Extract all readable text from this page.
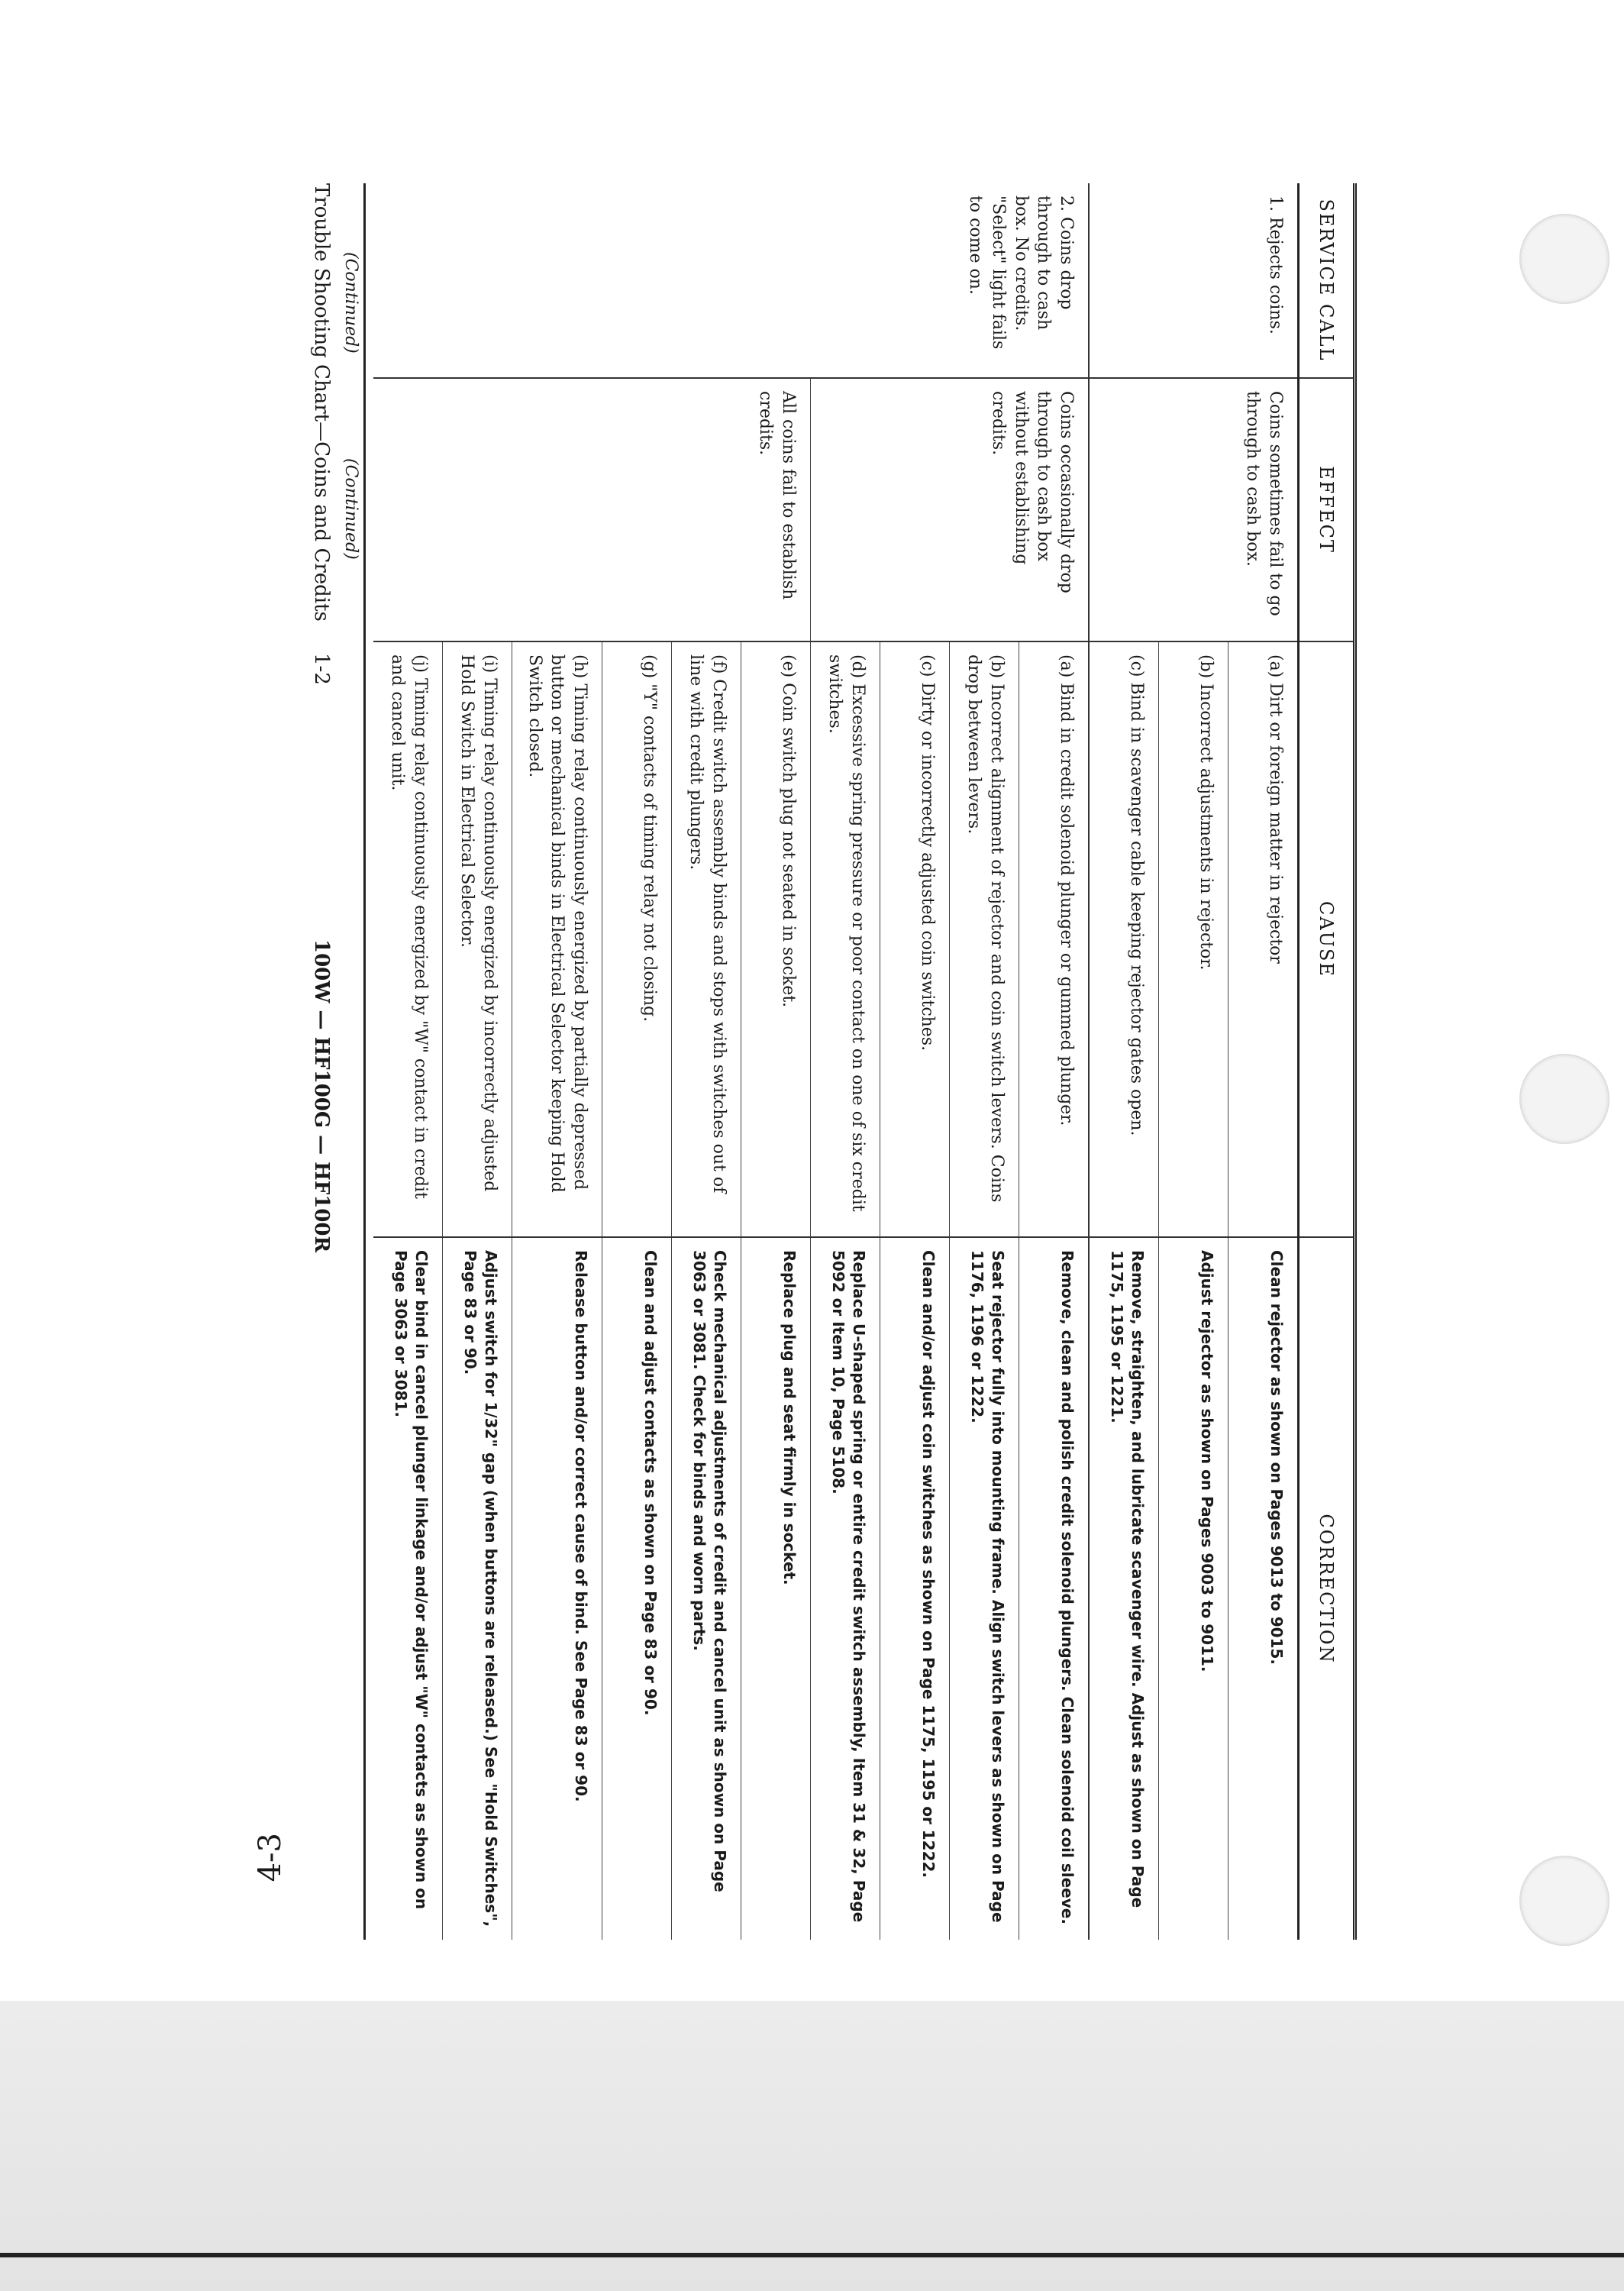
4-3
SERVICE CALL	EFFECT	CAUSE	CORRECTION
1. Rejects coins.	Coins sometimes fail to go through to cash box.	(a) Dirt or foreign matter in rejector	Clean rejector as shown on Pages 9013 to 9015.
		(b) Incorrect adjustments in rejector.	Adjust rejector as shown on Pages 9003 to 9011.
		(c) Bind in scavenger cable keeping rejector gates open.	Remove, straighten, and lubricate scavenger wire. Adjust as shown on Page 1175, 1195 or 1221.
2. Coins drop through to cash box. No credits. "Select" light fails to come on.	Coins occasionally drop through to cash box without establishing credits.	(a) Bind in credit solenoid plunger or gummed plunger.	Remove, clean and polish credit solenoid plungers. Clean solenoid coil sleeve.
		(b) Incorrect alignment of rejector and coin switch levers. Coins drop between levers.	Seat rejector fully into mounting frame. Align switch levers as shown on Page 1176, 1196 or 1222.
		(c) Dirty or incorrectly adjusted coin switches.	Clean and/or adjust coin switches as shown on Page 1175, 1195 or 1222.
		(d) Excessive spring pressure or poor contact on one of six credit switches.	Replace U-shaped spring or entire credit switch assembly, Item 31 & 32, Page 5092 or Item 10, Page 5108.
	All coins fail to establish credits.	(e) Coin switch plug not seated in socket.	Replace plug and seat firmly in socket.
		(f) Credit switch assembly binds and stops with switches out of line with credit plungers.	Check mechanical adjustments of credit and cancel unit as shown on Page 3063 or 3081. Check for binds and worn parts.
		(g) "Y" contacts of timing relay not closing.	Clean and adjust contacts as shown on Page 83 or 90.
		(h) Timing relay continuously energized by partially depressed button or mechanical binds in Electrical Selector keeping Hold Switch closed.	Release button and/or correct cause of bind. See Page 83 or 90.
		(i) Timing relay continuously energized by incorrectly adjusted Hold Switch in Electrical Selector.	Adjust switch for 1/32" gap (when buttons are released.) See "Hold Switches", Page 83 or 90.
		(j) Timing relay continuously energized by "W" contact in credit and cancel unit.	Clear bind in cancel plunger linkage and/or adjust "W" contacts as shown on Page 3063 or 3081.
(Continued)
(Continued)
Trouble Shooting Chart—Coins and Credits
1-2
100W — HF100G — HF100R
